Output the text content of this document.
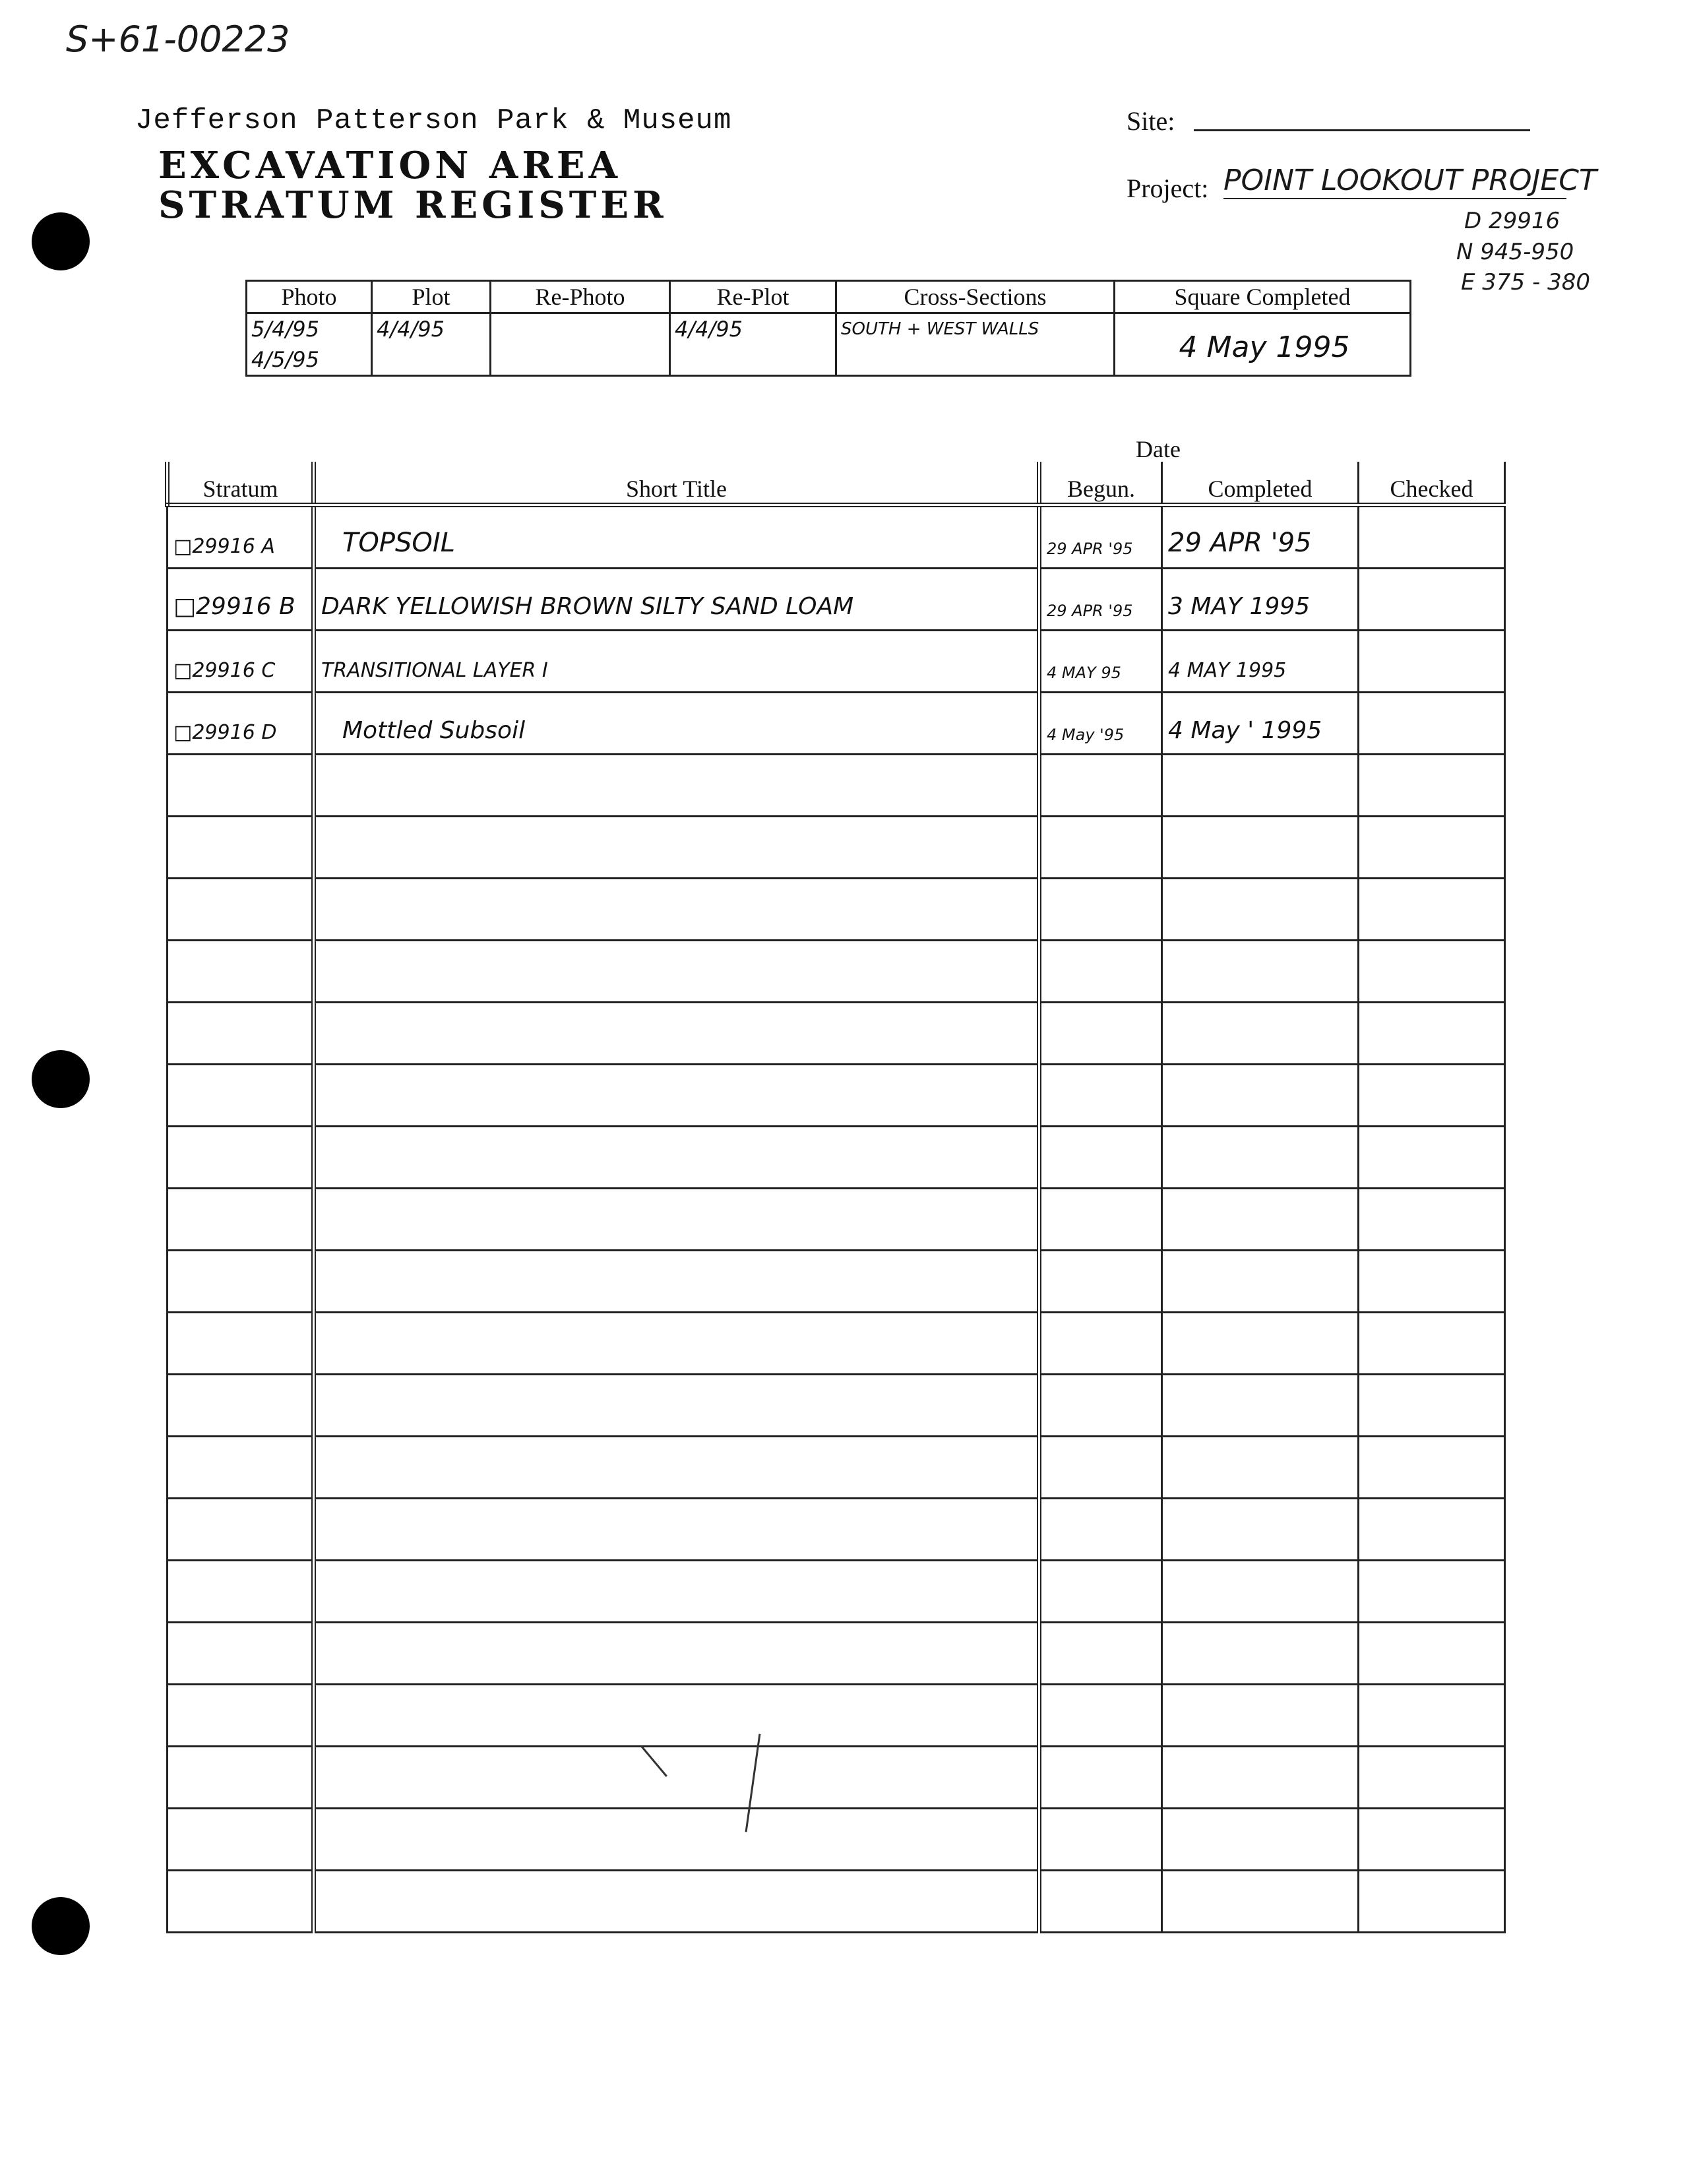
S+61-00223
Jefferson Patterson Park & Museum
EXCAVATION AREA
STRATUM REGISTER
Site:
Project: POINT LOOKOUT PROJECT
D 29916
N 945-950
E 375 - 380
Photo	Plot	Re-Photo	Re-Plot	Cross-Sections	Square Completed

5/4/95
4/5/95	4/4/95		4/4/95	SOUTH + WEST WALLS	4 May 1995
Date
Stratum	Short Title	Begun.	Completed	Checked

□29916 A	TOPSOIL	29 APR '95	29 APR '95	

□29916 B	DARK YELLOWISH BROWN SILTY SAND LOAM	29 APR '95	3 MAY 1995	

□29916 C	TRANSITIONAL LAYER I	4 MAY 95	4 MAY 1995	

□29916 D	Mottled Subsoil	4 May '95	4 May ' 1995	
